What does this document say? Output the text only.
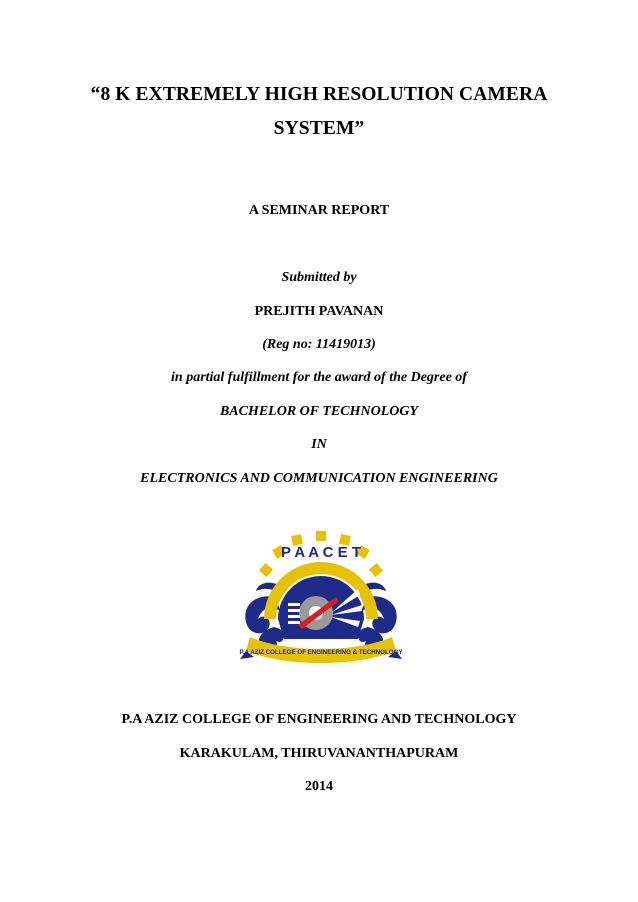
“8 K EXTREMELY HIGH RESOLUTION CAMERA
SYSTEM”
A SEMINAR REPORT
Submitted by
PREJITH PAVANAN
(Reg no: 11419013)
in partial fulfillment for the award of the Degree of
BACHELOR OF TECHNOLOGY
IN
ELECTRONICS AND COMMUNICATION ENGINEERING
P A A C E T
P.A AZIZ COLLEGE OF ENGINEERING & TECHNOLOGY
P.A AZIZ COLLEGE OF ENGINEERING AND TECHNOLOGY
KARAKULAM, THIRUVANANTHAPURAM
2014
